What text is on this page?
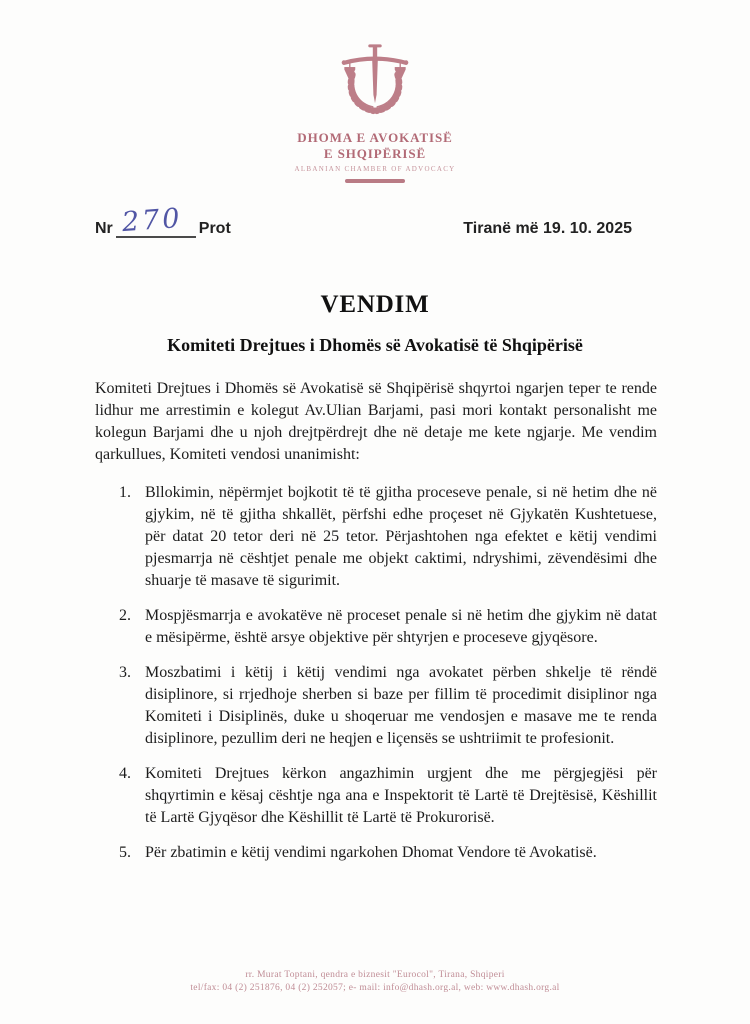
DHOMA E AVOKATISË
E SHQIPËRISË
ALBANIAN CHAMBER OF ADVOCACY
Nr 270 Prot	Tiranë më 19. 10. 2025
VENDIM
Komiteti Drejtues i Dhomës së Avokatisë të Shqipërisë

Komiteti Drejtues i Dhomës së Avokatisë së Shqipërisë shqyrtoi ngarjen teper te rende lidhur me arrestimin e kolegut Av.Ulian Barjami, pasi mori kontakt personalisht me kolegun Barjami dhe u njoh drejtpërdrejt dhe në detaje me kete ngjarje. Me vendim qarkullues, Komiteti vendosi unanimisht:

1. Bllokimin, nëpërmjet bojkotit të të gjitha proceseve penale, si në hetim dhe në gjykim, në të gjitha shkallët, përfshi edhe proçeset në Gjykatën Kushtetuese, për datat 20 tetor deri në 25 tetor. Përjashtohen nga efektet e këtij vendimi pjesmarrja në cështjet penale me objekt caktimi, ndryshimi, zëvendësimi dhe shuarje të masave të sigurimit.
2. Mospjësmarrja e avokatëve në proceset penale si në hetim dhe gjykim në datat e mësipërme, është arsye objektive për shtyrjen e proceseve gjyqësore.
3. Moszbatimi i këtij i këtij vendimi nga avokatet përben shkelje të rëndë disiplinore, si rrjedhoje sherben si baze per fillim të procedimit disiplinor nga Komiteti i Disiplinës, duke u shoqeruar me vendosjen e masave me te renda disiplinore, pezullim deri ne heqjen e liçensës se ushtriimit te profesionit.
4. Komiteti Drejtues kërkon angazhimin urgjent dhe me përgjegjësi për shqyrtimin e kësaj cështje nga ana e Inspektorit të Lartë të Drejtësisë, Këshillit të Lartë Gjyqësor dhe Këshillit të Lartë të Prokurorisë.
5. Për zbatimin e këtij vendimi ngarkohen Dhomat Vendore të Avokatisë.
rr. Murat Toptani, qendra e biznesit "Eurocol", Tirana, Shqiperi
tel/fax: 04 (2) 251876, 04 (2) 252057; e- mail: info@dhash.org.al, web: www.dhash.org.al
